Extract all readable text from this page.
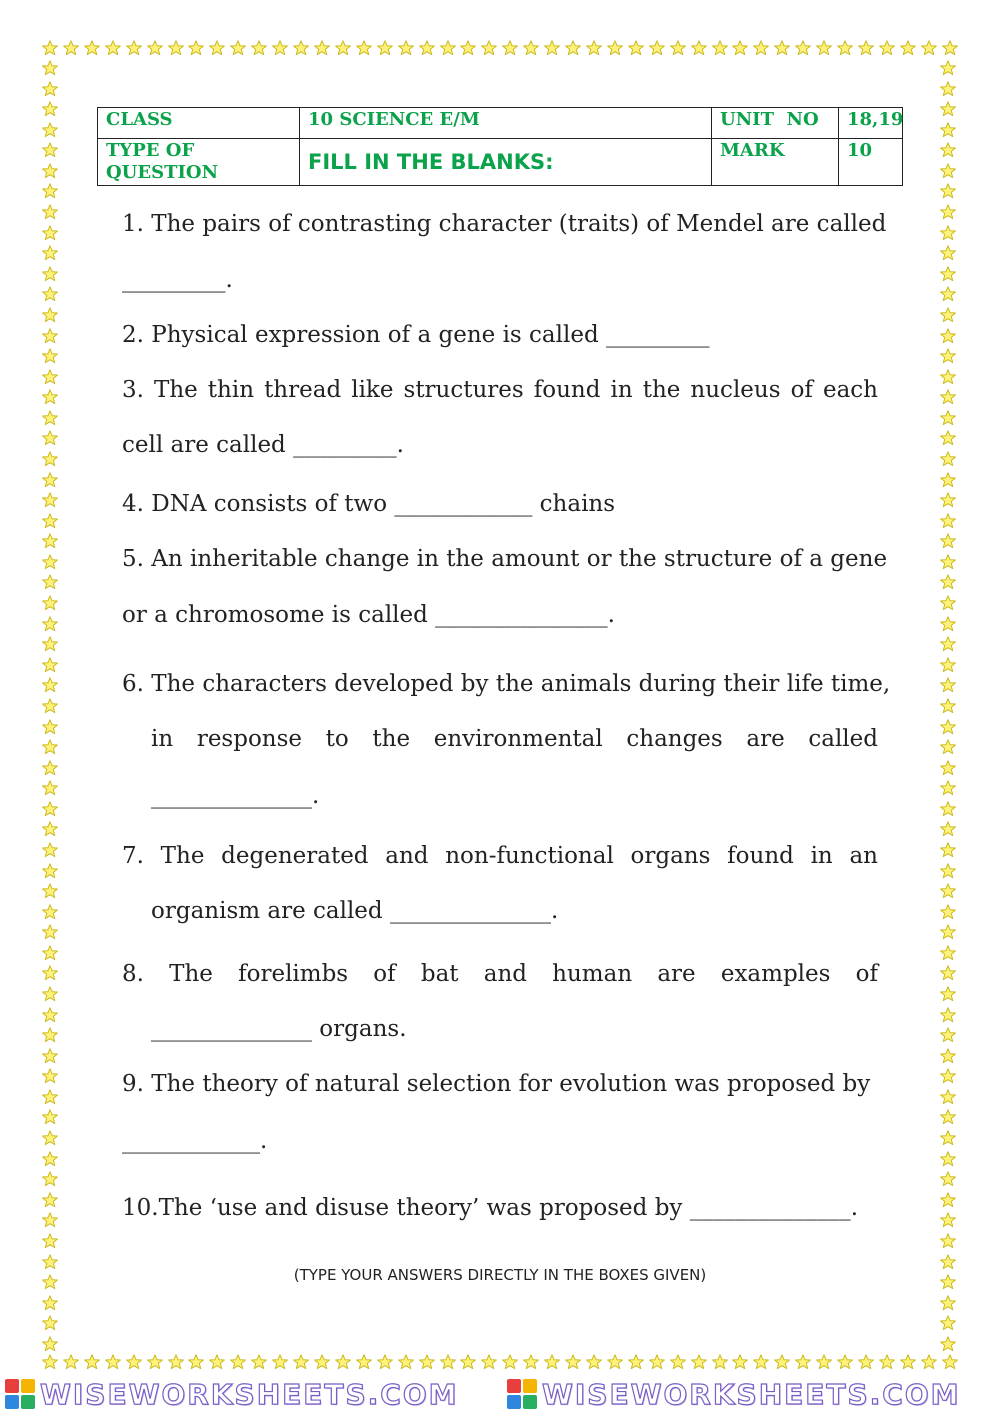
CLASS	10 SCIENCE E/M	UNIT  NO	18,19

TYPE OF
QUESTION	FILL IN THE BLANKS:	MARK	10
1. The pairs of contrasting character (traits) of Mendel are called
_________.
2. Physical expression of a gene is called _________
3. The thin thread like structures found in the nucleus of each
cell are called _________.
4. DNA consists of two ____________ chains
5. An inheritable change in the amount or the structure of a gene
or a chromosome is called _______________.
6. The characters developed by the animals during their life time,
in response to the environmental changes are called
______________.
7. The degenerated and non-functional organs found in an
organism are called ______________.
8. The forelimbs of bat and human are examples of
______________ organs.
9. The theory of natural selection for evolution was proposed by
____________.
10.The ‘use and disuse theory’ was proposed by ______________.
(TYPE YOUR ANSWERS DIRECTLY IN THE BOXES GIVEN)
WISEWORKSHEETS.COM	WISEWORKSHEETS.COM
